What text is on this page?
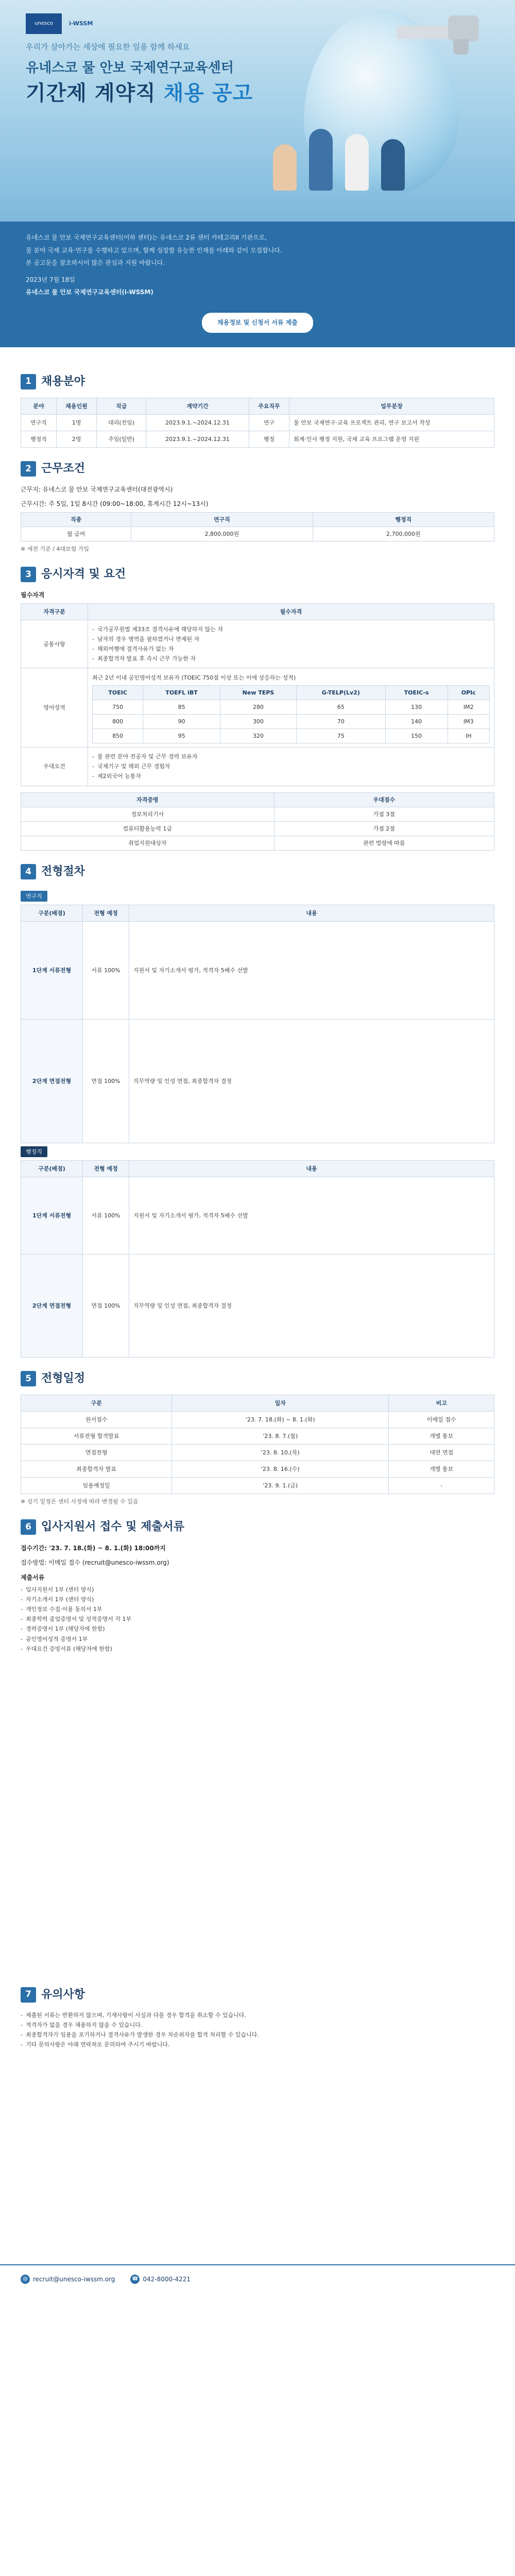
unesco	i-WSSM
우리가 살아가는 세상에 필요한 일을 함께 하세요
유네스코 물 안보 국제연구교육센터
기간제 계약직 채용 공고

유네스코 물 안보 국제연구교육센터(이하 센터)는 유네스코 2류 센터 카테고리II 기관으로,

물 분야 국제 교육·연구를 수행하고 있으며, 함께 성장할 유능한 인재를 아래와 같이 모집합니다.

본 공고문을 참조하시어 많은 관심과 지원 바랍니다.

2023년 7월 18일

유네스코 물 안보 국제연구교육센터(i-WSSM)

채용정보 및 신청서 서류 제출
1 채용분야
분야	채용인원	직급	계약기간	주요직무	업무분장
연구직	1명	대리(전임)	2023.9.1.~2024.12.31	연구	물 안보 국제연구·교육 프로젝트 관리, 연구 보고서 작성
행정직	2명	주임(일반)	2023.9.1.~2024.12.31	행정	회계·인사 행정 지원, 국제 교육 프로그램 운영 지원
2 근무조건

근무지: 유네스코 물 안보 국제연구교육센터(대전광역시)

근무시간: 주 5일, 1일 8시간 (09:00~18:00, 휴게시간 12시~13시)

직종	연구직	행정직
월 급여	2,800,000원	2,700,000원

※ 세전 기준 / 4대보험 가입

3 응시자격 및 요건

필수자격

자격구분	필수자격
공통사항	
- 국가공무원법 제33조 결격사유에 해당하지 않는 자
- 남자의 경우 병역을 필하였거나 면제된 자
- 해외여행에 결격사유가 없는 자
- 최종합격자 발표 후 즉시 근무 가능한 자

영어성적	

최근 2년 이내 공인영어성적 보유자 (TOEIC 750점 이상 또는 이에 상응하는 성적)

TOEIC	TOEFL iBT	New TEPS	G-TELP(Lv2)	TOEIC-s	OPIc
750	85	280	65	130	IM2
800	90	300	70	140	IM3
850	95	320	75	150	IH

우대요건	
- 물 관련 분야 전공자 및 근무 경력 보유자
- 국제기구 및 해외 근무 경험자
- 제2외국어 능통자
자격증명	우대점수
정보처리기사	가점 3점
컴퓨터활용능력 1급	가점 2점
취업지원대상자	관련 법령에 따름
4 전형절차
연구직
구분(배점)	전형 예정	내용
1단계 서류전형	서류 100%	지원서 및 자기소개서 평가, 적격자 5배수 선발
2단계 면접전형	면접 100%	직무역량 및 인성 면접, 최종합격자 결정
행정직
구분(배점)	전형 예정	내용
1단계 서류전형	서류 100%	지원서 및 자기소개서 평가, 적격자 5배수 선발
2단계 면접전형	면접 100%	직무역량 및 인성 면접, 최종합격자 결정
5 전형일정
구분	일자	비고
원서접수	'23. 7. 18.(화) ~ 8. 1.(화)	이메일 접수
서류전형 합격발표	'23. 8. 7.(월)	개별 통보
면접전형	'23. 8. 10.(목)	대면 면접
최종합격자 발표	'23. 8. 16.(수)	개별 통보
임용예정일	'23. 9. 1.(금)	-

※ 상기 일정은 센터 사정에 따라 변경될 수 있음

6 입사지원서 접수 및 제출서류

접수기간: '23. 7. 18.(화) ~ 8. 1.(화) 18:00까지

접수방법: 이메일 접수 (recruit@unesco-iwssm.org)

제출서류

- 입사지원서 1부 (센터 양식)
- 자기소개서 1부 (센터 양식)
- 개인정보 수집·이용 동의서 1부
- 최종학력 졸업증명서 및 성적증명서 각 1부
- 경력증명서 1부 (해당자에 한함)
- 공인영어성적 증명서 1부
- 우대요건 증빙서류 (해당자에 한함)
7 유의사항
- 제출된 서류는 반환하지 않으며, 기재사항이 사실과 다를 경우 합격을 취소할 수 있습니다.
- 적격자가 없을 경우 채용하지 않을 수 있습니다.
- 최종합격자가 임용을 포기하거나 결격사유가 발생한 경우 차순위자를 합격 처리할 수 있습니다.
- 기타 문의사항은 아래 연락처로 문의하여 주시기 바랍니다.
@ recruit@unesco-iwssm.org	☎ 042-8000-4221
